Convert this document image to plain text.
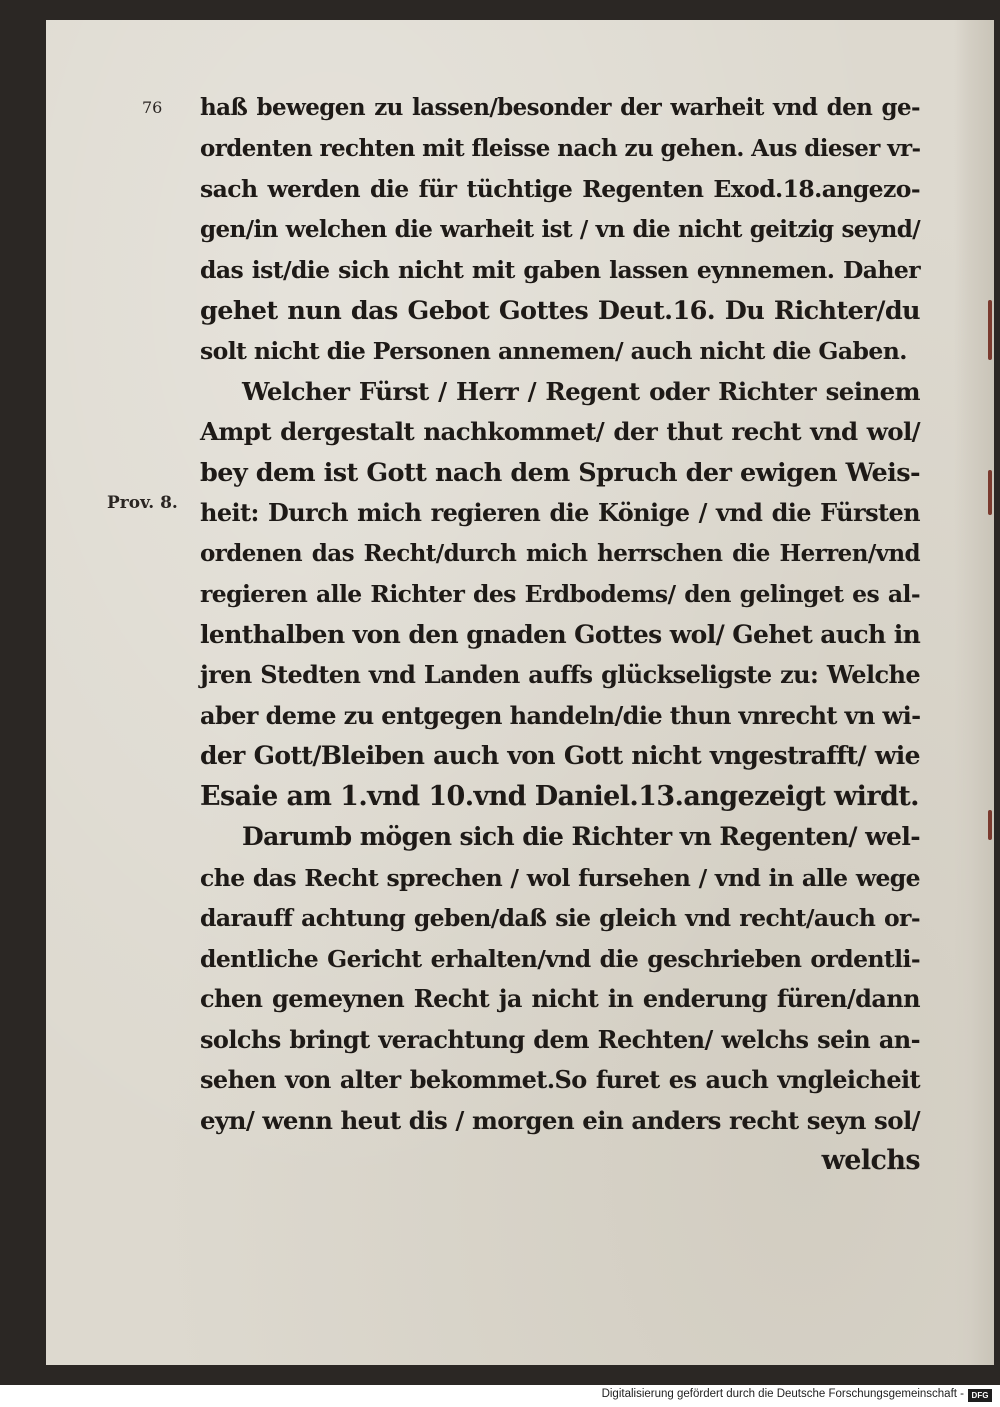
76
Prov. 8.
haß bewegen zu lassen/besonder der warheit vnd den ge-
ordenten rechten mit fleisse nach zu gehen. Aus dieser vr-
sach werden die für tüchtige Regenten Exod.18.angezo-
gen/in welchen die warheit ist / vn die nicht geitzig seynd/
das ist/die sich nicht mit gaben lassen eynnemen. Daher
gehet nun das Gebot Gottes Deut.16. Du Richter/du
solt nicht die Personen annemen/ auch nicht die Gaben.
Welcher Fürst / Herr / Regent oder Richter seinem
Ampt dergestalt nachkommet/ der thut recht vnd wol/
bey dem ist Gott nach dem Spruch der ewigen Weis-
heit: Durch mich regieren die Könige / vnd die Fürsten
ordenen das Recht/durch mich herrschen die Herren/vnd
regieren alle Richter des Erdbodems/ den gelinget es al-
lenthalben von den gnaden Gottes wol/ Gehet auch in
jren Stedten vnd Landen auffs glückseligste zu: Welche
aber deme zu entgegen handeln/die thun vnrecht vn wi-
der Gott/Bleiben auch von Gott nicht vngestrafft/ wie
Esaie am 1.vnd 10.vnd Daniel.13.angezeigt wirdt.
Darumb mögen sich die Richter vn Regenten/ wel-
che das Recht sprechen / wol fursehen / vnd in alle wege
darauff achtung geben/daß sie gleich vnd recht/auch or-
dentliche Gericht erhalten/vnd die geschrieben ordentli-
chen gemeynen Recht ja nicht in enderung füren/dann
solchs bringt verachtung dem Rechten/ welchs sein an-
sehen von alter bekommet.So furet es auch vngleicheit
eyn/ wenn heut dis / morgen ein anders recht seyn sol/
welchs
Digitalisierung gefördert durch die Deutsche Forschungsgemeinschaft - DFG
